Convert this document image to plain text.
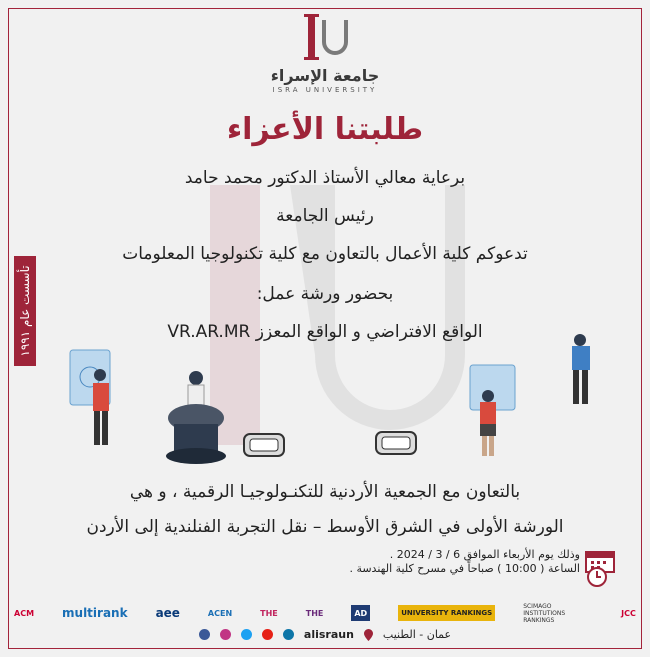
جامعة الإسراء
ISRA UNIVERSITY
طلبتنا الأعزاء
برعاية معالي الأستاذ الدكتور محمد حامد
رئيس الجامعة
تدعوكم كلية الأعمال بالتعاون مع كلية تكنولوجيا المعلومات
بحضور ورشة عمل:
الواقع الافتراضي و الواقع المعزز VR.AR.MR
تأسست عام ١٩٩١
بالتعاون مع الجمعية الأردنية للتكنـولوجيـا الرقمية ، و هي
الورشة الأولى في الشرق الأوسط – نقل التجربة الفنلندية إلى الأردن
وذلك يوم الأربعاء الموافق 6 / 3 / 2024 .
الساعة ( 10:00 ) صباحاً في مسرح كلية الهندسة .
ACM multirank aee	ACEN	THE	THE	AD	UNIVERSITY RANKINGS
SCIMAGO INSTITUTIONS RANKINGS
JCC
alisraun	عمان - الطنيب
